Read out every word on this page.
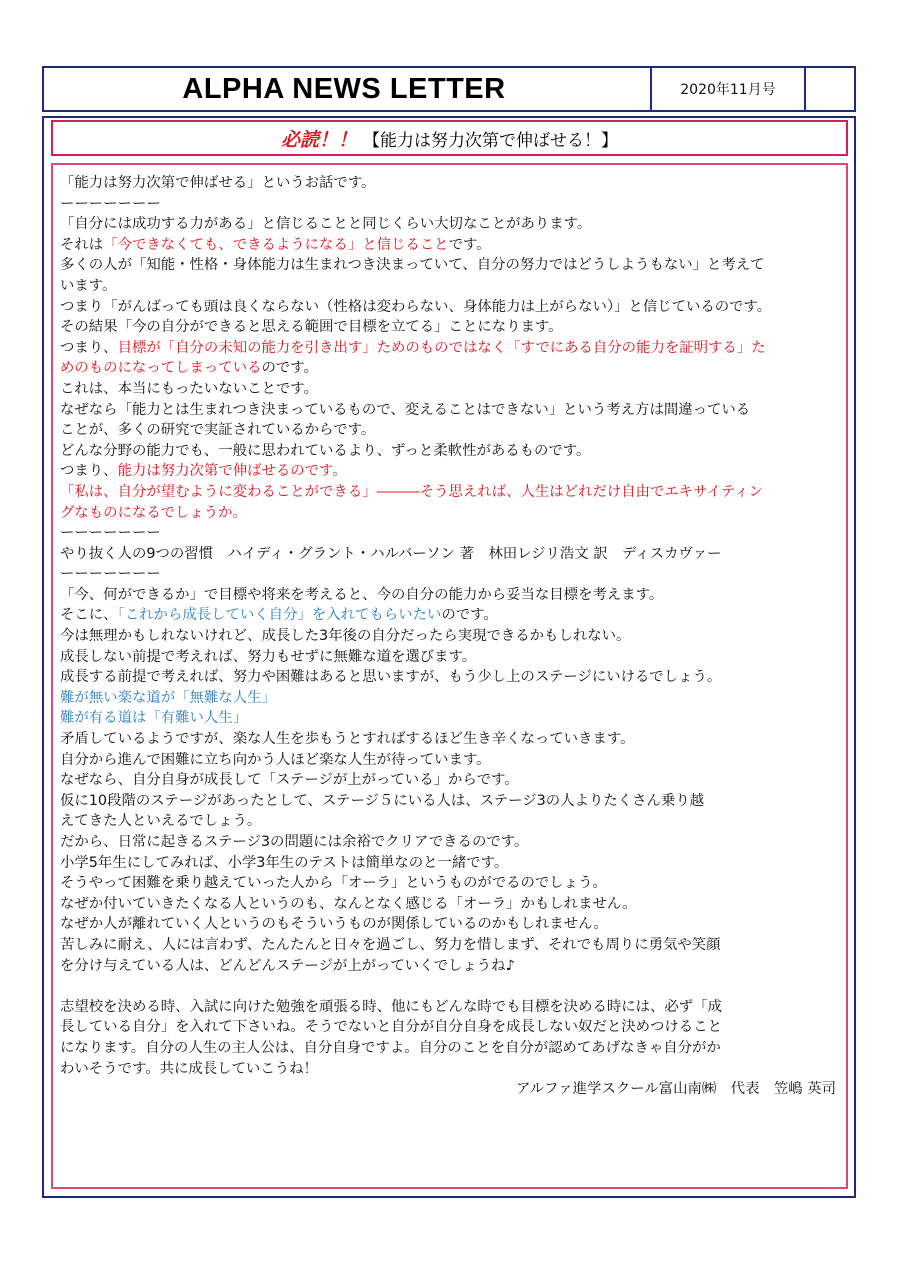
ALPHA NEWS LETTER	2020年11月号
必読！！ 【能力は努力次第で伸ばせる！】
「能力は努力次第で伸ばせる」というお話です。
ーーーーーーー
「自分には成功する力がある」と信じることと同じくらい大切なことがあります。
それは「今できなくても、できるようになる」と信じることです。
多くの人が「知能・性格・身体能力は生まれつき決まっていて、自分の努力ではどうしようもない」と考えて
います。
つまり「がんばっても頭は良くならない（性格は変わらない、身体能力は上がらない）」と信じているのです。
その結果「今の自分ができると思える範囲で目標を立てる」ことになります。
つまり、目標が「自分の未知の能力を引き出す」ためのものではなく「すでにある自分の能力を証明する」た
めのものになってしまっているのです。
これは、本当にもったいないことです。
なぜなら「能力とは生まれつき決まっているもので、変えることはできない」という考え方は間違っている
ことが、多くの研究で実証されているからです。
どんな分野の能力でも、一般に思われているより、ずっと柔軟性があるものです。
つまり、能力は努力次第で伸ばせるのです。
「私は、自分が望むように変わることができる」―――そう思えれば、人生はどれだけ自由でエキサイティン
グなものになるでしょうか。
ーーーーーーー
やり抜く人の9つの習慣　ハイディ・グラント・ハルバーソン 著　林田レジリ浩文 訳　ディスカヴァー
ーーーーーーー
「今、何ができるか」で目標や将来を考えると、今の自分の能力から妥当な目標を考えます。
そこに、「これから成長していく自分」を入れてもらいたいのです。
今は無理かもしれないけれど、成長した3年後の自分だったら実現できるかもしれない。
成長しない前提で考えれば、努力もせずに無難な道を選びます。
成長する前提で考えれば、努力や困難はあると思いますが、もう少し上のステージにいけるでしょう。
難が無い楽な道が「無難な人生」
難が有る道は「有難い人生」
矛盾しているようですが、楽な人生を歩もうとすればするほど生き辛くなっていきます。
自分から進んで困難に立ち向かう人ほど楽な人生が待っています。
なぜなら、自分自身が成長して「ステージが上がっている」からです。
仮に10段階のステージがあったとして、ステージ５にいる人は、ステージ3の人よりたくさん乗り越
えてきた人といえるでしょう。
だから、日常に起きるステージ3の問題には余裕でクリアできるのです。
小学5年生にしてみれば、小学3年生のテストは簡単なのと一緒です。
そうやって困難を乗り越えていった人から「オーラ」というものがでるのでしょう。
なぜか付いていきたくなる人というのも、なんとなく感じる「オーラ」かもしれません。
なぜか人が離れていく人というのもそういうものが関係しているのかもしれません。
苦しみに耐え、人には言わず、たんたんと日々を過ごし、努力を惜しまず、それでも周りに勇気や笑顔
を分け与えている人は、どんどんステージが上がっていくでしょうね♪
志望校を決める時、入試に向けた勉強を頑張る時、他にもどんな時でも目標を決める時には、必ず「成
長している自分」を入れて下さいね。そうでないと自分が自分自身を成長しない奴だと決めつけること
になります。自分の人生の主人公は、自分自身ですよ。自分のことを自分が認めてあげなきゃ自分がか
わいそうです。共に成長していこうね！
アルファ進学スクール富山南㈱　代表　笠嶋 英司
